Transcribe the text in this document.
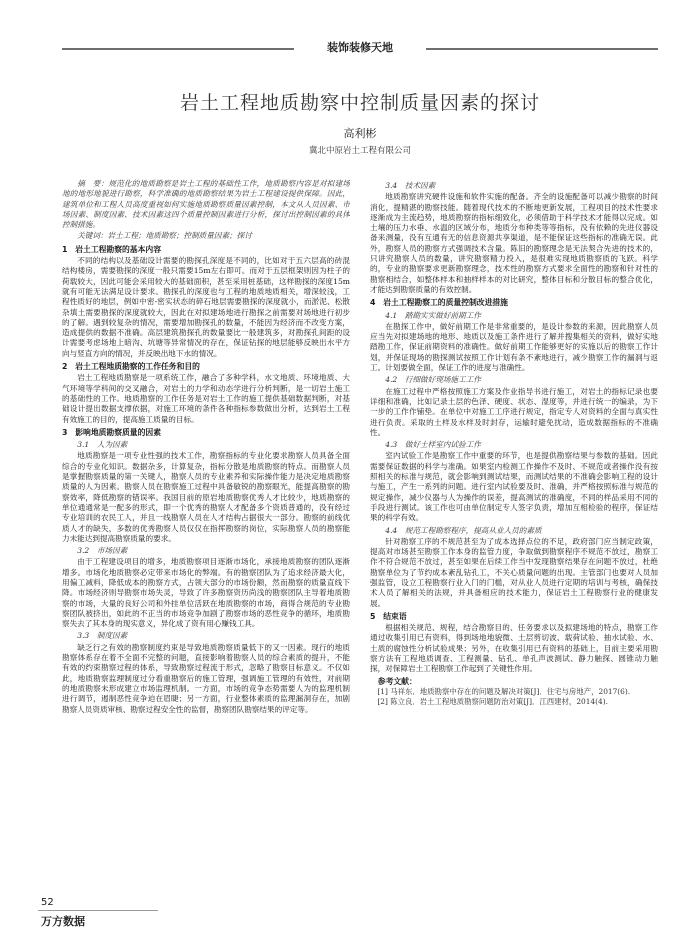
装饰装修天地
岩土工程地质勘察中控制质量因素的探讨
高利彬
冀北中原岩土工程有限公司

摘　要：规范化的地质勘察是岩土工程的基础性工作，地质勘察内容是对拟建场地的地形地貌进行勘察，科学准确的地质勘察结果为岩土工程建设提供保障。因此，建筑单位和工程人员高度重视如何实施地质勘察质量因素控制，本文从人员因素、市场因素、制度因素、技术因素这四个质量控制因素进行分析，探讨出控制因素的具体控制措施。

关键词：岩土工程；地质勘察；控制质量因素；探讨

1　岩土工程勘察的基本内容

不同的结构以及基础设计需要的勘探孔深度是不同的，比如对于五六层高的砖混结构楼房，需要勘探的深度一般只需要15m左右即可。而对于五层框架则因为柱子的荷载较大，因此可能会采用较大的基础面积，甚至采用桩基础，这样勘探的深度15m就有可能无法满足设计要求。勘探孔的深度也与工程的地质地质相关，增深较浅，工程性质好的地层，例如中密-密实状态的碎石地层需要勘探的深度就小，而淤泥、松散杂填土需要勘探的深度就较大，因此在对拟建场地进行勘探之前需要对场地进行初步的了解。遇到较复杂的情况，需要增加勘探孔的数量，不能因为经济而不改变方案，造成提供的数据不准确。高层建筑勘探孔的数量要比一般建筑多，对勘探孔间距的设计需要考虑场地上暗沟、坑塘等异常情况的存在，保证钻探的地层能够反映出水平方向与竖直方向的情况，并反映出地下水的情况。

2　岩土工程地质勘察的工作任务和目的

岩土工程地质勘察是一项系统工作，融合了多种学科，水文地质、环境地质、大气环境等学科间的交叉融合，对岩土的力学和动态学进行分析判断，是一切岩土施工的基础性的工作。地质勘察的工作任务是对岩土工作的施工提供基础数据判断，对基础设计提出数据支撑依据，对施工环境的条件各种指标参数做出分析，达到岩土工程有效施工的目的，提高施工质量的目标。

3　影响地质勘察质量的因素
3.1　人为因素

地质勘察是一项专业性强的技术工作，勘察指标的专业化要求勘察人员具备全面综合的专业化知识。数据杂多，计算复杂，指标分散是地质勘察的特点。而勘察人员是掌握勘察质量的第一关键人，勘察人员的专业素养和实际操作能力是决定地质勘察质量的人为因素。勘察人员在勘察施工过程中具备敏锐的勘察眼光，能提高勘察的勘察效率，降低勘察的错误率。我国目前的原岩地质勘察优秀人才比较少，地质勘察的单位通通常是一配多的形式，即一个优秀的勘察人才配备多个资质普通的，没有经过专业培训的农民工人，并且一线勘察人员在人才结构占据很大一部分。勘察的前线优质人才的缺失，多数的优秀勘察人员仅仅在指挥勘察的岗位，实际勘察人员的勘察能力未能达到提高勘察质量的要求。

3.2　市场因素

由于工程建设项目的增多，地质勘察项目逐渐市场化，承接地质勘察的团队逐渐增多。市场化地质勘察必定带来市场化的弊端。有的勘察团队为了追求经济最大化，用偏工减料，降低成本的勘察方式，占领大部分的市场份额，然而勘察的质量直线下降。市场经济则导勘察市场失灵，导致了许多勘察资历尚浅的勘察团队主导着地质勘察的市场，大量的良好公司和外挂单位活跃在地质勘察的市场，商得合规范的专业勘察团队被挤出，如此的不正当的市场竞争加剧了勘察市场的恶性竞争的循环，地质勘察失去了其本身的现实意义，异化成了资有用心赚钱工具。

3.3　制度因素

缺乏行之有效的勘察制度约束是导致地质勘察质量低下的又一因素。现行的地质勘察体系存在着不全面不完整的问题，直接影响着勘察人员的综合素质的提升，不能有效的约束勘察过程的体系，导致勘察过程流于形式，忽略了勘察目标意义。不仅如此，地质勘察监理制度过分看重勘察后的施工管理，强调施工管理的有效性，对前期的地质勘察未形成建立市场监理机制。一方面，市场的竞争态势需要人为的监理机制进行调节，遏制恶性竞争迫在眉睫；另一方面，行业整体素质的监理漏洞存在，加剧勘察人员资质审核、勘察过程安全性的监督，勘察团队勘察结果的评定等。

3.4　技术因素

地质勘察讲究硬件设施和软件实施的配备。齐全的设施配备可以减少勘察的时间消化，提精湛的勘察技能。随着现代技术的不断地更新发展，工程项目的技术性要求逐渐成为主流趋势，地质勘察的指标细致化，必须借助于科学技术才能得以完成。如土壤的压力水垂、水温的区域分布，地质分布种类等等指标，没有依赖的先进仪器设备来测量，没有互通有无的信息资源共享渠道，是不能保证这些指标的准确无误。此外，勘察人员的勘察方式强调技术含量。陈旧的勘察理念是无法契合先进的技术的，只讲究勘察人员的数量，讲究勘察精力投入，是很难实现地质勘察质的飞跃。科学的，专业的勘察要求更新勘察理念，技术性的勘察方式要求全面性的勘察和针对性的勘察相结合，如整体样本和抽样样本的对比研究，整体目标和分散目标的整合优化，才能达到勘察质量的有效控制。

4　岩土工程勘察工的质量控制改进措施
4.1　踏勘实实做好前期工作

在勘探工作中，做好前期工作是非常重要的，是设计参数的来源，因此勘察人员应当先对拟建场地的地形、地质以及施工条件进行了解并搜集相关的资料，做好实地踏勘工作，保证前期资料的准确性。做好前期工作能够更好的实施以后的勘察工作计划，并保证现场的勘探测试按照工作计划有条不紊地进行，减少勘察工作的漏洞与返工。计划要做全面，保证工作的进度与准确性。

4.2　行细做好现场施工工作

在施工过程中严格按照施工方案及作业指导书进行施工，对岩土的指标记录也要详细和准确，比如记录土层的色泽、硬度、状态、湿度等，并进行统一的编录，为下一步的工作作铺垫。在单位中对施工工序进行规定，指定专人对资料的全面与真实性进行负责。采取的土样及水样及时封存，运输时避免扰动，造成数据指标的不准确性。

4.3　做好土样室内试验工作

室内试验工作是勘察工作中重要的环节，也是提供勘察结果与参数的基础。因此需要保证数据的科学与准确。如果室内检测工作操作不及时、不规范或者操作没有按照相关的标准与规范，就会影响到测试结果，而测试结果的不准确会影响工程的设计与施工，产生一系列的问题。进行室内试验要及时、准确，并严格按照标准与规范的规定操作，减少仪器与人为操作的误差，提高测试的准确度，不同的样品采用不同的手段进行测试。该工作也可由单位制定专人签字负责，增加互相检验的程序，保证结果的科学有效。

4.4　规范工程勘察程序，提高从业人员的素质

针对勘察工序的不规范甚至为了成本选择点位的不足，政府部门应当制定政策，提高对市场甚至勘察工作本身的监管力度，争取做到勘察程序不规范不放过，勘察工作不符合规范不放过，甚至如果在后续工作当中发现勘察结果存在问题不放过，杜绝勘察单位为了节约成本紊乱钻孔工，不关心质量问题的出现。主管部门也要对人员加强监管，设立工程勘察行业入门的门槛，对从业人员进行定期的培训与考核，确保技术人员了解相关的法规，并具备相应的技术能力，保证岩土工程勘察行业的健康发展。

5　结束语

根据相关规范、规程，结合勘察目的、任务要求以及拟建场地的特点，勘察工作通过收集引用已有资料，得到场地地貌微、土层剪切波、载荷试验、抽水试验、水、土质的腐蚀性分析试验成果；另外，在收集引用已有资料的基础上，目前主要采用勘察方法有工程地质调查、工程测量、钻孔、单孔声波测试、静力触探、圆锥动力触探，对保障岩土工程勘察工作起到了关键性作用。

参考文献：

[1] 马祥东．地质勘察中存在的问题及解决对策[J]．住宅与房地产，2017(6).

[2] 陈立良．岩土工程地质勘察问题防治对策[J]．江西建材，2014(4).

52
万方数据
